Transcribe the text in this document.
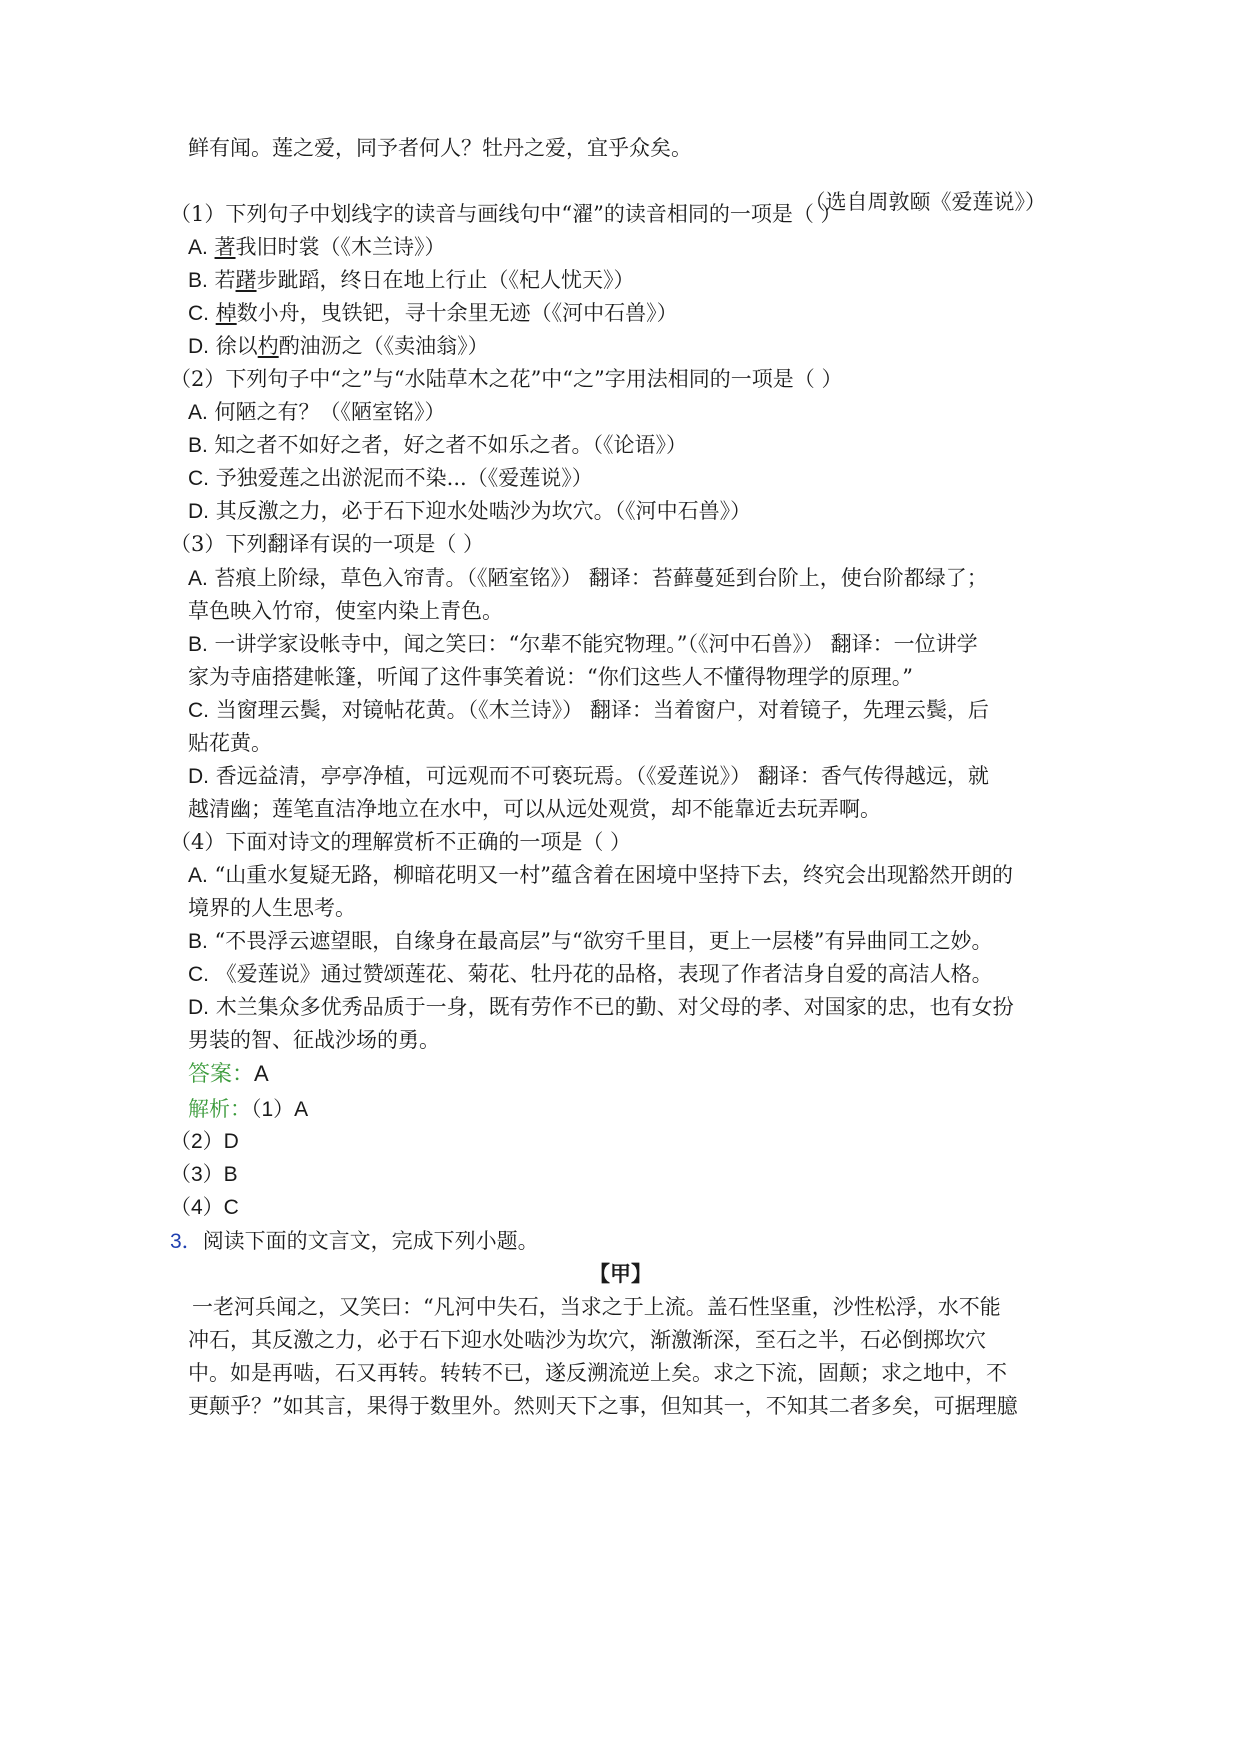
鲜有闻。莲之爱，同予者何人？牡丹之爱，宜乎众矣。
（选自周敦颐《爱莲说》）
（1）下列句子中划线字的读音与画线句中“濯”的读音相同的一项是（ ）
A. 著我旧时裳（《木兰诗》）
B. 若躇步跐蹈，终日在地上行止（《杞人忧天》）
C. 棹数小舟，曳铁钯，寻十余里无迹（《河中石兽》）
D. 徐以杓酌油沥之（《卖油翁》）
（2）下列句子中“之”与“水陆草木之花”中“之”字用法相同的一项是（ ）
A. 何陋之有？（《陋室铭》）
B. 知之者不如好之者，好之者不如乐之者。（《论语》）
C. 予独爱莲之出淤泥而不染...（《爱莲说》）
D. 其反激之力，必于石下迎水处啮沙为坎穴。（《河中石兽》）
（3）下列翻译有误的一项是（ ）
A. 苔痕上阶绿，草色入帘青。（《陋室铭》） 翻译：苔藓蔓延到台阶上，使台阶都绿了；
草色映入竹帘，使室内染上青色。
B. 一讲学家设帐寺中，闻之笑曰：“尔辈不能究物理。”（《河中石兽》） 翻译：一位讲学
家为寺庙搭建帐篷，听闻了这件事笑着说：“你们这些人不懂得物理学的原理。”
C. 当窗理云鬓，对镜帖花黄。（《木兰诗》） 翻译：当着窗户，对着镜子，先理云鬓，后
贴花黄。
D. 香远益清，亭亭净植，可远观而不可亵玩焉。（《爱莲说》） 翻译：香气传得越远，就
越清幽；莲笔直洁净地立在水中，可以从远处观赏，却不能靠近去玩弄啊。
（4）下面对诗文的理解赏析不正确的一项是（ ）
A. “山重水复疑无路，柳暗花明又一村”蕴含着在困境中坚持下去，终究会出现豁然开朗的
境界的人生思考。
B. “不畏浮云遮望眼，自缘身在最高层”与“欲穷千里目，更上一层楼”有异曲同工之妙。
C. 《爱莲说》通过赞颂莲花、菊花、牡丹花的品格，表现了作者洁身自爱的高洁人格。
D. 木兰集众多优秀品质于一身，既有劳作不已的勤、对父母的孝、对国家的忠，也有女扮
男装的智、征战沙场的勇。
答案：A
解析：（1）A
（2）D
（3）B
（4）C
3．阅读下面的文言文，完成下列小题。
【甲】
一老河兵闻之，又笑曰：“凡河中失石，当求之于上流。盖石性坚重，沙性松浮，水不能
冲石，其反激之力，必于石下迎水处啮沙为坎穴，渐激渐深，至石之半，石必倒掷坎穴
中。如是再啮，石又再转。转转不已，遂反溯流逆上矣。求之下流，固颠；求之地中，不
更颠乎？”如其言，果得于数里外。然则天下之事，但知其一，不知其二者多矣，可据理臆
